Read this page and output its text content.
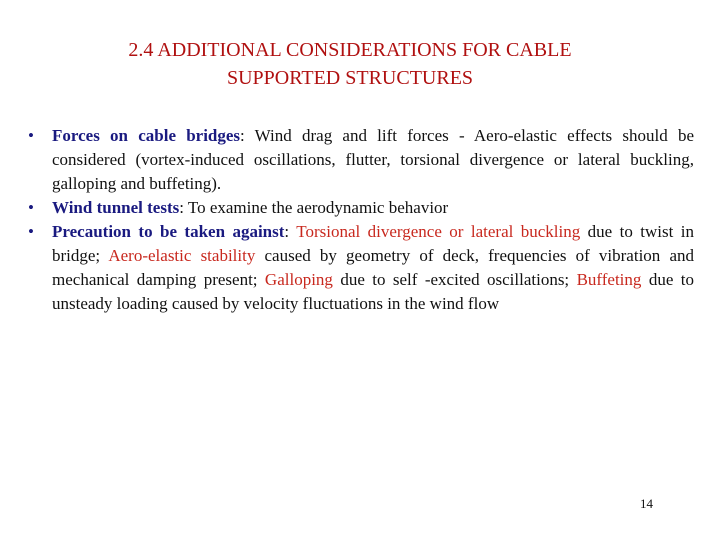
2.4 ADDITIONAL CONSIDERATIONS FOR CABLE
SUPPORTED STRUCTURES
• Forces on cable bridges: Wind drag and lift forces - Aero-elastic effects should be considered (vortex-induced oscillations, flutter, torsional divergence or lateral buckling, galloping and buffeting).
• Wind tunnel tests: To examine the aerodynamic behavior
• Precaution to be taken against: Torsional divergence or lateral buckling due to twist in bridge; Aero-elastic stability caused by geometry of deck, frequencies of vibration and mechanical damping present; Galloping due to self -excited oscillations; Buffeting due to unsteady loading caused by velocity fluctuations in the wind flow
14
